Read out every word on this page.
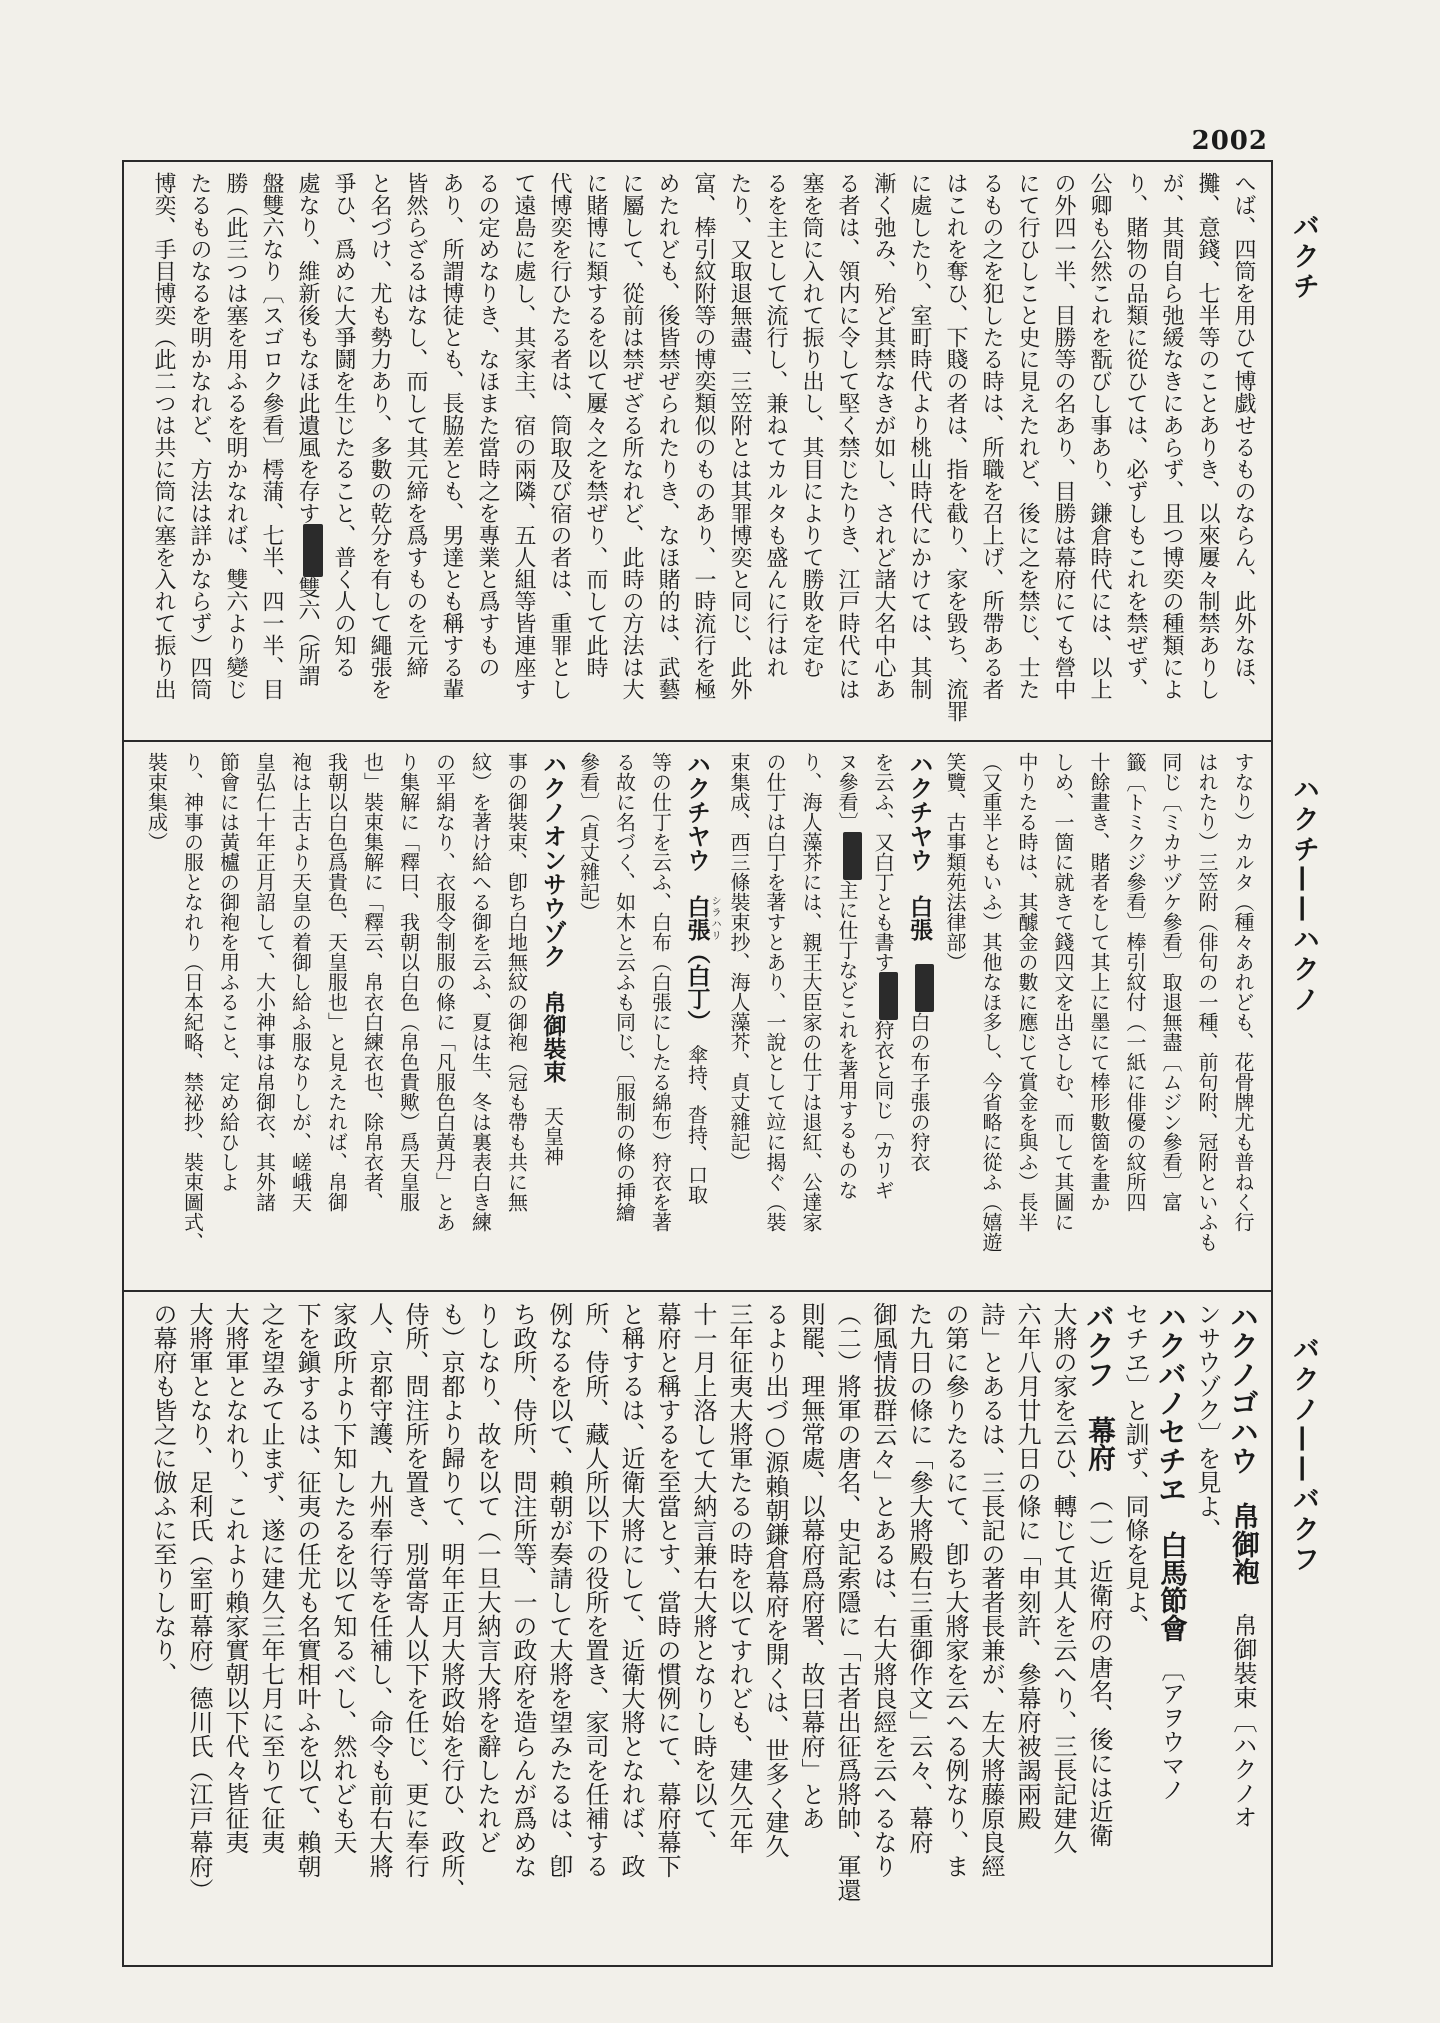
2002

へば、四筒を用ひて博戯せるものならん、此外なほ、

攤、意錢、七半等のことありき、以來屢々制禁ありし

が、其間自ら弛緩なきにあらず、且つ博奕の種類によ

り、賭物の品類に從ひては、必ずしもこれを禁ぜず、

公卿も公然これを翫びし事あり、鎌倉時代には、以上

の外四一半、目勝等の名あり、目勝は幕府にても營中

にて行ひしこと史に見えたれど、後に之を禁じ、士た

るもの之を犯したる時は、所職を召上げ、所帶ある者

はこれを奪ひ、下賤の者は、指を截り、家を毀ち、流罪

に處したり、室町時代より桃山時代にかけては、其制

漸く弛み、殆ど其禁なきが如し、されど諸大名中心あ

る者は、領内に令して堅く禁じたりき、江戸時代には

塞を筒に入れて振り出し、其目によりて勝敗を定む

るを主として流行し、兼ねてカルタも盛んに行はれ

たり、又取退無盡、三笠附とは其罪博奕と同じ、此外

富、棒引紋附等の博奕類似のものあり、一時流行を極

めたれども、後皆禁ぜられたりき、なほ賭的は、武藝

に屬して、從前は禁ぜざる所なれど、此時の方法は大

に賭博に類するを以て屢々之を禁ぜり、而して此時

代博奕を行ひたる者は、筒取及び宿の者は、重罪とし

て遠島に處し、其家主、宿の兩隣、五人組等皆連座す

るの定めなりき、なほまた當時之を專業と爲すもの

あり、所謂博徒とも、長脇差とも、男達とも稱する輩

皆然らざるはなし、而して其元締を爲すものを元締

と名づけ、尤も勢力あり、多數の乾分を有して繩張を

爭ひ、爲めに大爭鬪を生じたること、普く人の知る

處なり、維新後もなほ此遺風を存す雙六（所謂

盤雙六なり〔スゴロク參看〕樗蒲、七半、四一半、目

勝（此三つは塞を用ふるを明かなれば、雙六より變じ

たるものなるを明かなれど、方法は詳かならず）四筒

博奕、手目博奕（此二つは共に筒に塞を入れて振り出

すなり）カルタ（種々あれども、花骨牌尤も普ねく行

はれたり）三笠附（俳句の一種、前句附、冠附といふも

同じ〔ミカサヅケ參看〕取退無盡〔ムジン參看〕富

籤〔トミクジ參看〕棒引紋付（一紙に俳優の紋所四

十餘畫き、賭者をして其上に墨にて棒形數箇を畫か

しめ、一箇に就きて錢四文を出さしむ、而して其圖に

中りたる時は、其醵金の數に應じて賞金を與ふ）長半

（又重半ともいふ）其他なほ多し、今省略に從ふ（嬉遊

笑覽、古事類苑法律部）

ハクチヤウ　白張　白の布子張の狩衣

を云ふ、又白丁とも書す狩衣と同じ〔カリギ

ヌ參看〕主に仕丁などこれを著用するものな

り、海人藻芥には、親王大臣家の仕丁は退紅、公達家

の仕丁は白丁を著すとあり、一說として竝に揭ぐ（裝

束集成、西三條裝束抄、海人藻芥、貞丈雜記）

ハクチヤウ　白張シラハリ（白丁）　傘持、沓持、口取

等の仕丁を云ふ、白布（白張にしたる綿布）狩衣を著

る故に名づく、如木と云ふも同じ、〔服制の條の挿繪

參看〕（貞丈雜記）

ハクノオンサウゾク　帛御裝束　天皇神

事の御裝束、卽ち白地無紋の御袍（冠も帶も共に無

紋）を著け給へる御を云ふ、夏は生、冬は裏表白き練

の平絹なり、衣服令制服の條に「凡服色白黃丹」とあ

り集解に「釋曰、我朝以白色（帛色貴歟）爲天皇服

也」裝束集解に「釋云、帛衣白練衣也、除帛衣者、

我朝以白色爲貴色、天皇服也」と見えたれば、帛御

袍は上古より天皇の着御し給ふ服なりしが、嵯峨天

皇弘仁十年正月詔して、大小神事は帛御衣、其外諸

節會には黃櫨の御袍を用ふること、定め給ひしよ

り、神事の服となれり（日本紀略、禁祕抄、裝束圖式、

裝束集成）

ハクノゴハウ　帛御袍　帛御裝束〔ハクノオ

ンサウゾク〕を見よ、

ハクバノセチヱ　白馬節會　〔アヲウマノ

セチヱ〕と訓ず、同條を見よ、

バクフ　幕府　（一）近衛府の唐名、後には近衛

大將の家を云ひ、轉じて其人を云へり、三長記建久

六年八月廿九日の條に「申刻許、參幕府被謁兩殿

詩」とあるは、三長記の著者長兼が、左大將藤原良經

の第に參りたるにて、卽ち大將家を云へる例なり、ま

た九日の條に「參大將殿右三重御作文」云々、幕府

御風情拔群云々」とあるは、右大將良經を云へるなり

（二）將軍の唐名、史記索隱に「古者出征爲將帥、軍還

則罷、理無常處、以幕府爲府署、故曰幕府」とあ

るより出づ○源賴朝鎌倉幕府を開くは、世多く建久

三年征夷大將軍たるの時を以てすれども、建久元年

十一月上洛して大納言兼右大將となりし時を以て、

幕府と稱するを至當とす、當時の慣例にて、幕府幕下

と稱するは、近衛大將にして、近衛大將となれば、政

所、侍所、藏人所以下の役所を置き、家司を任補する

例なるを以て、賴朝が奏請して大將を望みたるは、卽

ち政所、侍所、問注所等、一の政府を造らんが爲めな

りしなり、故を以て（一旦大納言大將を辭したれど

も）京都より歸りて、明年正月大將政始を行ひ、政所、

侍所、問注所を置き、別當寄人以下を任じ、更に奉行

人、京都守護、九州奉行等を任補し、命令も前右大將

家政所より下知したるを以て知るべし、然れども天

下を鎭するは、征夷の任尤も名實相叶ふを以て、賴朝

之を望みて止まず、遂に建久三年七月に至りて征夷

大將軍となれり、これより賴家實朝以下代々皆征夷

大將軍となり、足利氏（室町幕府）德川氏（江戸幕府）

の幕府も皆之に倣ふに至りしなり、

バクチ
ハクチ——ハクノ
バクノ——バクフ
